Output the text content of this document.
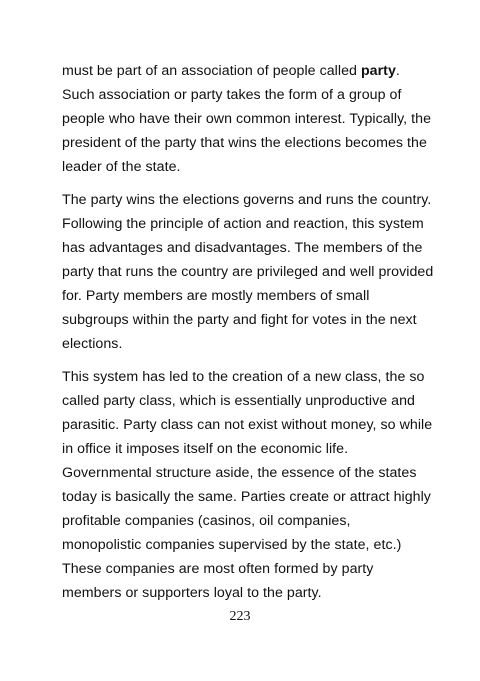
must be part of an association of people called party.
Such association or party takes the form of a group of
people who have their own common interest. Typically, the
president of the party that wins the elections becomes the
leader of the state.

The party wins the elections governs and runs the country.
Following the principle of action and reaction, this system
has advantages and disadvantages. The members of the
party that runs the country are privileged and well provided
for. Party members are mostly members of small
subgroups within the party and fight for votes in the next
elections.

This system has led to the creation of a new class, the so
called party class, which is essentially unproductive and
parasitic. Party class can not exist without money, so while
in office it imposes itself on the economic life.
Governmental structure aside, the essence of the states
today is basically the same. Parties create or attract highly
profitable companies (casinos, oil companies,
monopolistic companies supervised by the state, etc.)
These companies are most often formed by party
members or supporters loyal to the party.

223
